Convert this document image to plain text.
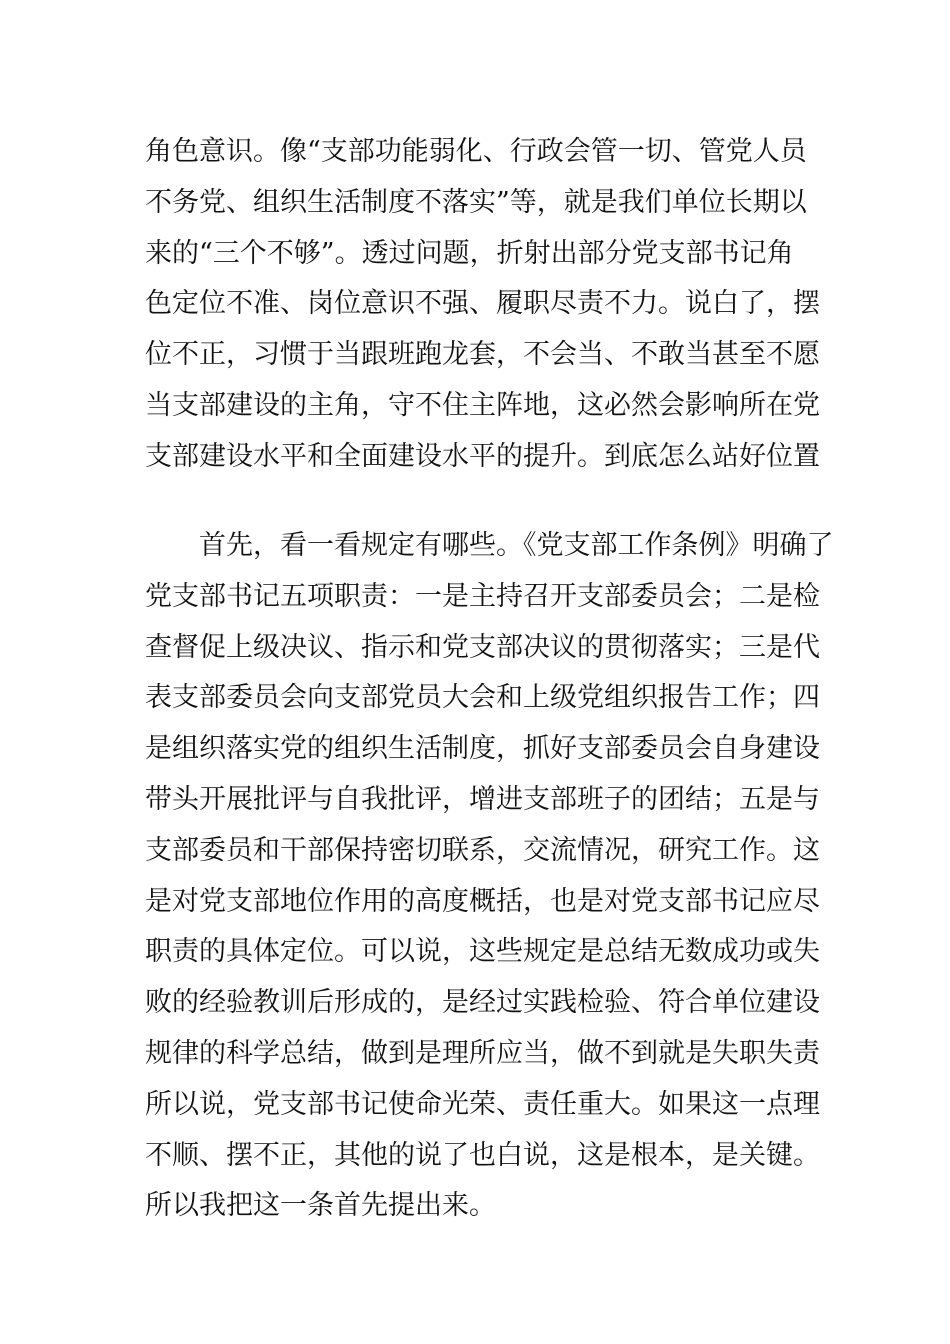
角色意识。像“支部功能弱化、行政会管一切、管党人员
不务党、组织生活制度不落实”等，就是我们单位长期以
来的“三个不够”。透过问题，折射出部分党支部书记角
色定位不准、岗位意识不强、履职尽责不力。说白了，摆
位不正，习惯于当跟班跑龙套，不会当、不敢当甚至不愿
当支部建设的主角，守不住主阵地，这必然会影响所在党
支部建设水平和全面建设水平的提升。到底怎么站好位置
　　首先，看一看规定有哪些。《党支部工作条例》明确了
党支部书记五项职责：一是主持召开支部委员会；二是检
查督促上级决议、指示和党支部决议的贯彻落实；三是代
表支部委员会向支部党员大会和上级党组织报告工作；四
是组织落实党的组织生活制度，抓好支部委员会自身建设
带头开展批评与自我批评，增进支部班子的团结；五是与
支部委员和干部保持密切联系，交流情况，研究工作。这
是对党支部地位作用的高度概括，也是对党支部书记应尽
职责的具体定位。可以说，这些规定是总结无数成功或失
败的经验教训后形成的，是经过实践检验、符合单位建设
规律的科学总结，做到是理所应当，做不到就是失职失责
所以说，党支部书记使命光荣、责任重大。如果这一点理
不顺、摆不正，其他的说了也白说，这是根本，是关键。
所以我把这一条首先提出来。
